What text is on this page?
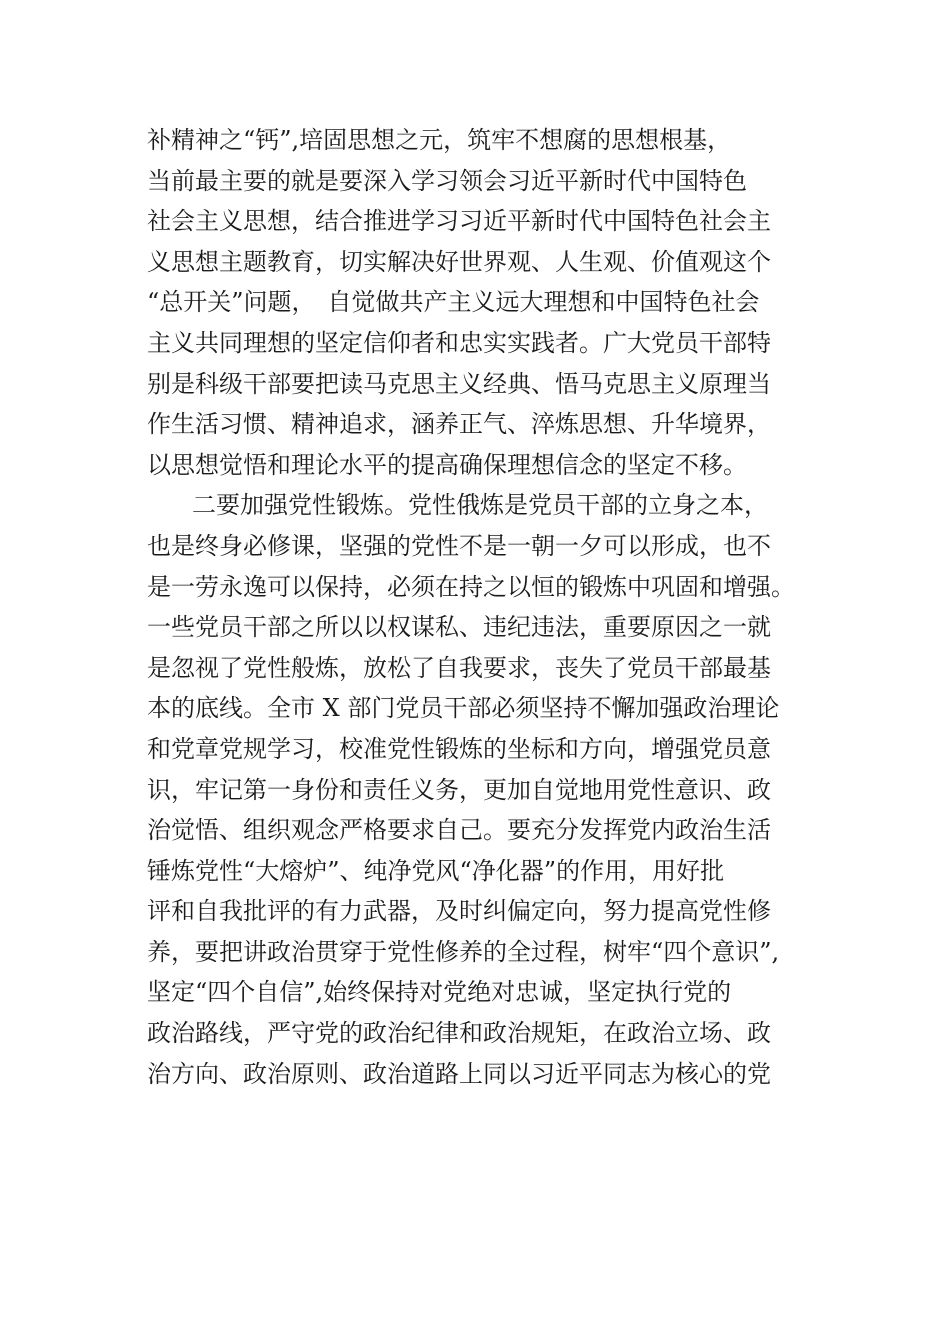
补精神之“钙”,培固思想之元，筑牢不想腐的思想根基，
当前最主要的就是要深入学习领会习近平新时代中国特色
社会主义思想，结合推进学习习近平新时代中国特色社会主
义思想主题教育，切实解决好世界观、人生观、价值观这个
“总开关”问题，　自觉做共产主义远大理想和中国特色社会
主义共同理想的坚定信仰者和忠实实践者。广大党员干部特
别是科级干部要把读马克思主义经典、悟马克思主义原理当
作生活习惯、精神追求，涵养正气、淬炼思想、升华境界，
以思想觉悟和理论水平的提高确保理想信念的坚定不移。
二要加强党性锻炼。党性俄炼是党员干部的立身之本，
也是终身必修课，坚强的党性不是一朝一夕可以形成，也不
是一劳永逸可以保持，必须在持之以恒的锻炼中巩固和增强。
一些党员干部之所以以权谋私、违纪违法，重要原因之一就
是忽视了党性般炼，放松了自我要求，丧失了党员干部最基
本的底线。全市 X 部门党员干部必须坚持不懈加强政治理论
和党章党规学习，校准党性锻炼的坐标和方向，增强党员意
识，牢记第一身份和责任义务，更加自觉地用党性意识、政
治觉悟、组织观念严格要求自己。要充分发挥党内政治生活
锤炼党性“大熔炉”、纯净党风“净化器”的作用，用好批
评和自我批评的有力武器，及时纠偏定向，努力提高党性修
养，要把讲政治贯穿于党性修养的全过程，树牢“四个意识”,
坚定“四个自信”,始终保持对党绝对忠诚，坚定执行党的
政治路线，严守党的政治纪律和政治规矩，在政治立场、政
治方向、政治原则、政治道路上同以习近平同志为核心的党
